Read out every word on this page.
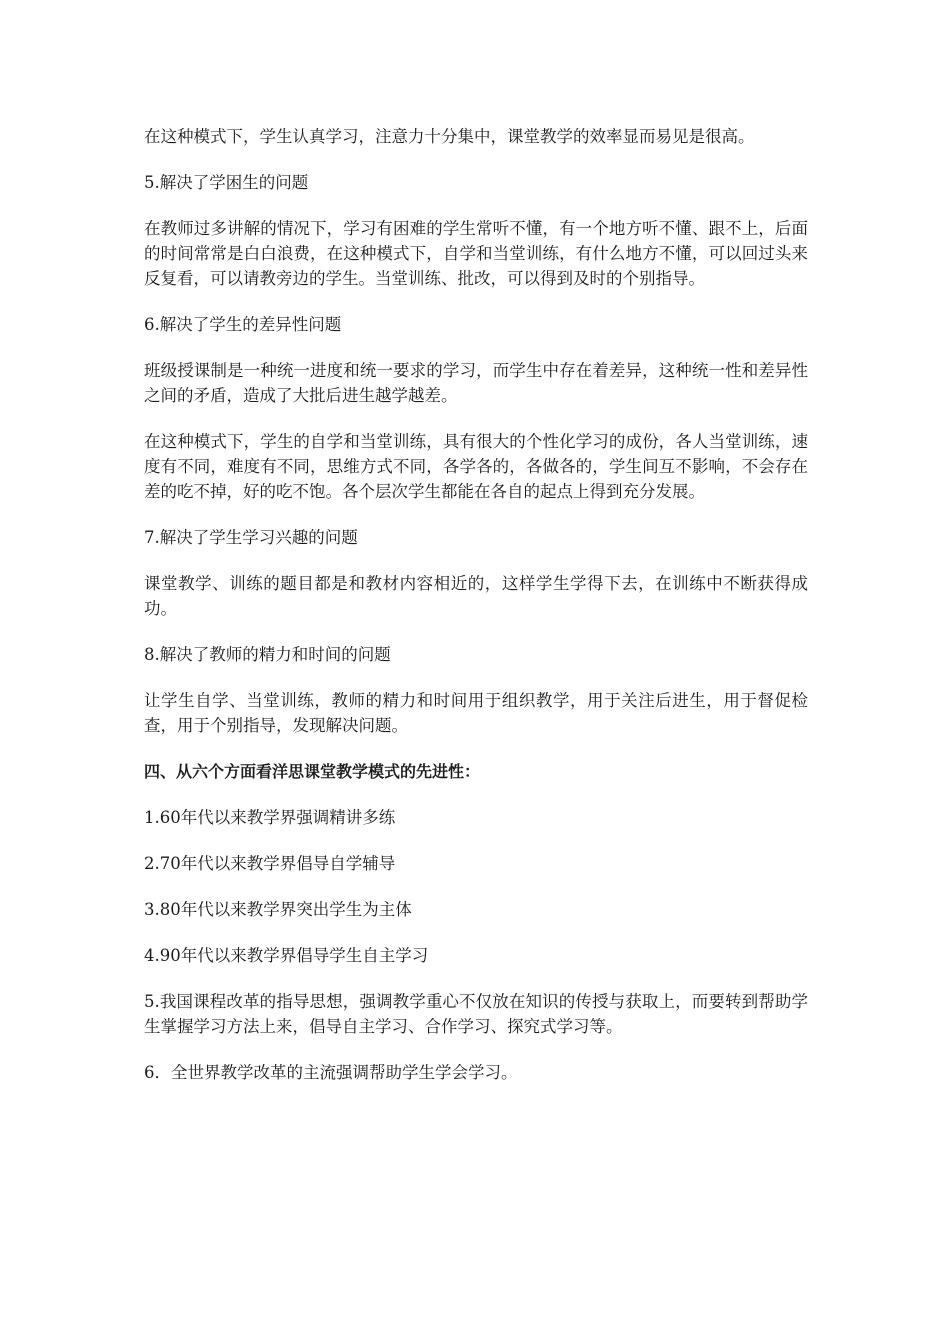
在这种模式下，学生认真学习，注意力十分集中，课堂教学的效率显而易见是很高。

5.解决了学困生的问题

在教师过多讲解的情况下，学习有困难的学生常听不懂，有一个地方听不懂、跟不上，后面的时间常常是白白浪费，在这种模式下，自学和当堂训练，有什么地方不懂，可以回过头来反复看，可以请教旁边的学生。当堂训练、批改，可以得到及时的个别指导。

6.解决了学生的差异性问题

班级授课制是一种统一进度和统一要求的学习，而学生中存在着差异，这种统一性和差异性之间的矛盾，造成了大批后进生越学越差。

在这种模式下，学生的自学和当堂训练，具有很大的个性化学习的成份，各人当堂训练，速度有不同，难度有不同，思维方式不同，各学各的，各做各的，学生间互不影响，不会存在差的吃不掉，好的吃不饱。各个层次学生都能在各自的起点上得到充分发展。

7.解决了学生学习兴趣的问题

课堂教学、训练的题目都是和教材内容相近的，这样学生学得下去，在训练中不断获得成功。

8.解决了教师的精力和时间的问题

让学生自学、当堂训练，教师的精力和时间用于组织教学，用于关注后进生，用于督促检查，用于个别指导，发现解决问题。

四、从六个方面看洋思课堂教学模式的先进性：

1.60年代以来教学界强调精讲多练

2.70年代以来教学界倡导自学辅导

3.80年代以来教学界突出学生为主体

4.90年代以来教学界倡导学生自主学习

5.我国课程改革的指导思想，强调教学重心不仅放在知识的传授与获取上，而要转到帮助学生掌握学习方法上来，倡导自主学习、合作学习、探究式学习等。

6．全世界教学改革的主流强调帮助学生学会学习。
